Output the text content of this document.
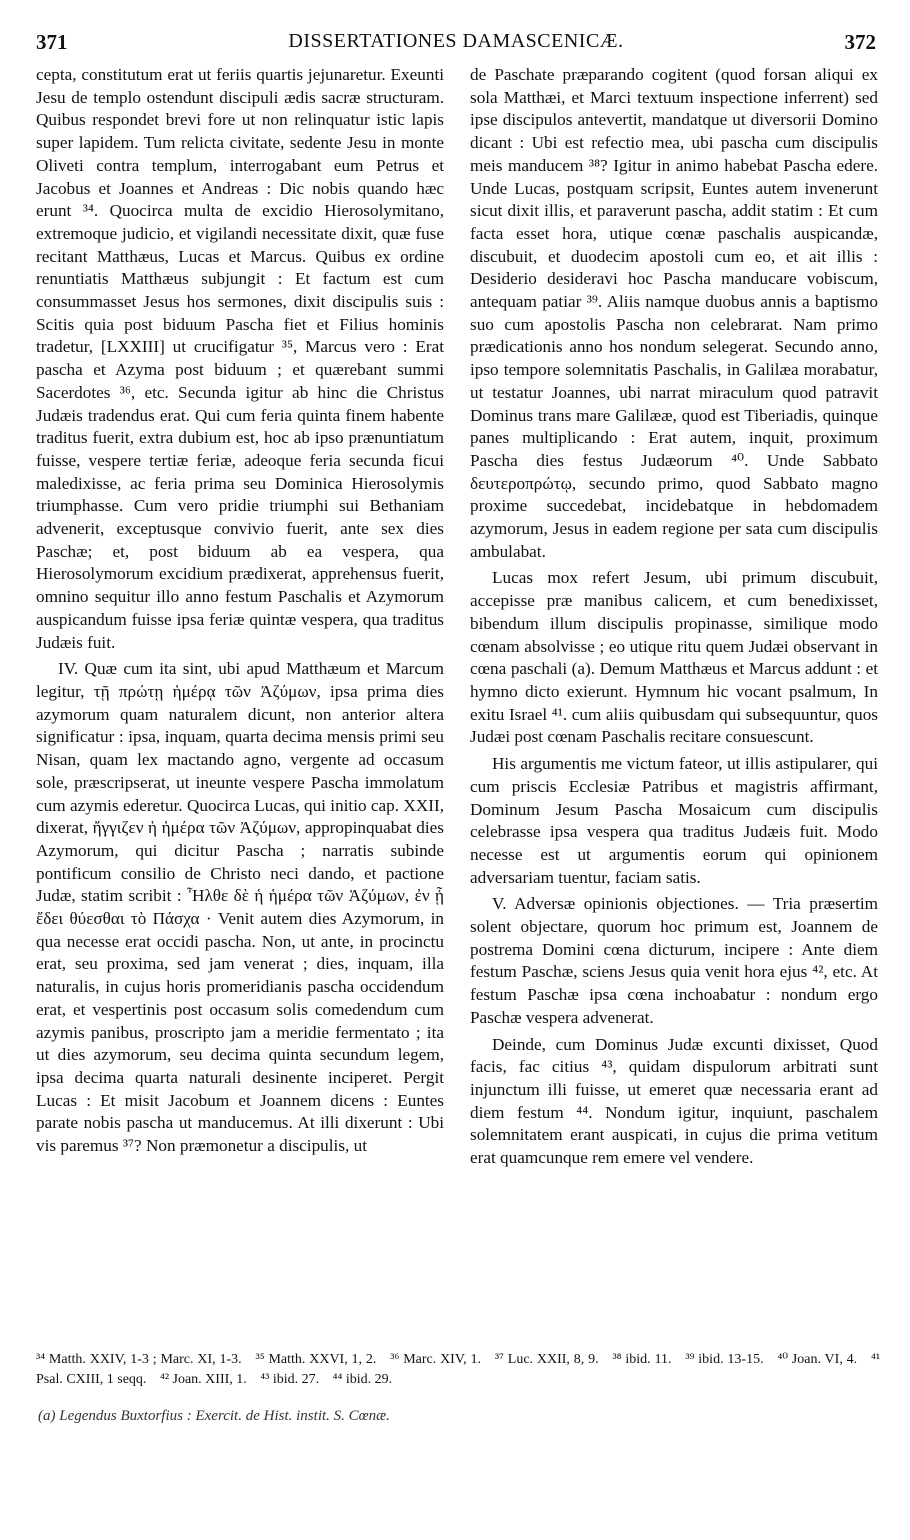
371	DISSERTATIONES DAMASCENICÆ.	372

cepta, constitutum erat ut feriis quartis jejunaretur. Exeunti Jesu de templo ostendunt discipuli ædis sacræ structuram. Quibus respondet brevi fore ut non relinquatur istic lapis super lapidem. Tum relicta civitate, sedente Jesu in monte Oliveti contra templum, interrogabant eum Petrus et Jacobus et Joannes et Andreas : Dic nobis quando hæc erunt ³⁴. Quocirca multa de excidio Hierosolymitano, extremoque judicio, et vigilandi necessitate dixit, quæ fuse recitant Matthæus, Lucas et Marcus. Quibus ex ordine renuntiatis Matthæus subjungit : Et factum est cum consummasset Jesus hos sermones, dixit discipulis suis : Scitis quia post biduum Pascha fiet et Filius hominis tradetur, [LXXIII] ut crucifigatur ³⁵, Marcus vero : Erat pascha et Azyma post biduum ; et quærebant summi Sacerdotes ³⁶, etc. Secunda igitur ab hinc die Christus Judæis tradendus erat. Qui cum feria quinta finem habente traditus fuerit, extra dubium est, hoc ab ipso prænuntiatum fuisse, vespere tertiæ feriæ, adeoque feria secunda ficui maledixisse, ac feria prima seu Dominica Hierosolymis triumphasse. Cum vero pridie triumphi sui Bethaniam advenerit, exceptusque convivio fuerit, ante sex dies Paschæ; et, post biduum ab ea vespera, qua Hierosolymorum excidium prædixerat, apprehensus fuerit, omnino sequitur illo anno festum Paschalis et Azymorum auspicandum fuisse ipsa feriæ quintæ vespera, qua traditus Judæis fuit.

IV. Quæ cum ita sint, ubi apud Matthæum et Marcum legitur, τῇ πρώτῃ ἡμέρᾳ τῶν Ἀζύμων, ipsa prima dies azymorum quam naturalem dicunt, non anterior altera significatur : ipsa, inquam, quarta decima mensis primi seu Nisan, quam lex mactando agno, vergente ad occasum sole, præscripserat, ut ineunte vespere Pascha immolatum cum azymis ederetur. Quocirca Lucas, qui initio cap. XXII, dixerat, ἤγγιζεν ἡ ἡμέρα τῶν Ἀζύμων, appropinquabat dies Azymorum, qui dicitur Pascha ; narratis subinde pontificum consilio de Christo neci dando, et pactione Judæ, statim scribit : Ἦλθε δὲ ἡ ἡμέρα τῶν Ἀζύμων, ἐν ᾗ ἔδει θύεσθαι τὸ Πάσχα · Venit autem dies Azymorum, in qua necesse erat occidi pascha. Non, ut ante, in procinctu erat, seu proxima, sed jam venerat ; dies, inquam, illa naturalis, in cujus horis promeridianis pascha occidendum erat, et vespertinis post occasum solis comedendum cum azymis panibus, proscripto jam a meridie fermentato ; ita ut dies azymorum, seu decima quinta secundum legem, ipsa decima quarta naturali desinente inciperet. Pergit Lucas : Et misit Jacobum et Joannem dicens : Euntes parate nobis pascha ut manducemus. At illi dixerunt : Ubi vis paremus ³⁷? Non præmonetur a discipulis, ut

de Paschate præparando cogitent (quod forsan aliqui ex sola Matthæi, et Marci textuum inspectione inferrent) sed ipse discipulos antevertit, mandatque ut diversorii Domino dicant : Ubi est refectio mea, ubi pascha cum discipulis meis manducem ³⁸? Igitur in animo habebat Pascha edere. Unde Lucas, postquam scripsit, Euntes autem invenerunt sicut dixit illis, et paraverunt pascha, addit statim : Et cum facta esset hora, utique cœnæ paschalis auspicandæ, discubuit, et duodecim apostoli cum eo, et ait illis : Desiderio desideravi hoc Pascha manducare vobiscum, antequam patiar ³⁹. Aliis namque duobus annis a baptismo suo cum apostolis Pascha non celebrarat. Nam primo prædicationis anno hos nondum selegerat. Secundo anno, ipso tempore solemnitatis Paschalis, in Galilæa morabatur, ut testatur Joannes, ubi narrat miraculum quod patravit Dominus trans mare Galilææ, quod est Tiberiadis, quinque panes multiplicando : Erat autem, inquit, proximum Pascha dies festus Judæorum ⁴⁰. Unde Sabbato δευτεροπρώτῳ, secundo primo, quod Sabbato magno proxime succedebat, incidebatque in hebdomadem azymorum, Jesus in eadem regione per sata cum discipulis ambulabat.

Lucas mox refert Jesum, ubi primum discubuit, accepisse præ manibus calicem, et cum benedixisset, bibendum illum discipulis propinasse, similique modo cœnam absolvisse ; eo utique ritu quem Judæi observant in cœna paschali (a). Demum Matthæus et Marcus addunt : et hymno dicto exierunt. Hymnum hic vocant psalmum, In exitu Israel ⁴¹. cum aliis quibusdam qui subsequuntur, quos Judæi post cœnam Paschalis recitare consuescunt.

His argumentis me victum fateor, ut illis astipularer, qui cum priscis Ecclesiæ Patribus et magistris affirmant, Dominum Jesum Pascha Mosaicum cum discipulis celebrasse ipsa vespera qua traditus Judæis fuit. Modo necesse est ut argumentis eorum qui opinionem adversariam tuentur, faciam satis.

V. Adversæ opinionis objectiones. — Tria præsertim solent objectare, quorum hoc primum est, Joannem de postrema Domini cœna dicturum, incipere : Ante diem festum Paschæ, sciens Jesus quia venit hora ejus ⁴², etc. At festum Paschæ ipsa cœna inchoabatur : nondum ergo Paschæ vespera advenerat.

Deinde, cum Dominus Judæ excunti dixisset, Quod facis, fac citius ⁴³, quidam dispulorum arbitrati sunt injunctum illi fuisse, ut emeret quæ necessaria erant ad diem festum ⁴⁴. Nondum igitur, inquiunt, paschalem solemnitatem erant auspicati, in cujus die prima vetitum erat quamcunque rem emere vel vendere.

³⁴ Matth. XXIV, 1-3 ; Marc. XI, 1-3. ³⁵ Matth. XXVI, 1, 2. ³⁶ Marc. XIV, 1. ³⁷ Luc. XXII, 8, 9. ³⁸ ibid. 11. ³⁹ ibid. 13-15. ⁴⁰ Joan. VI, 4. ⁴¹ Psal. CXIII, 1 seqq. ⁴² Joan. XIII, 1. ⁴³ ibid. 27. ⁴⁴ ibid. 29.
(a) Legendus Buxtorfius : Exercit. de Hist. instit. S. Cœnæ.
